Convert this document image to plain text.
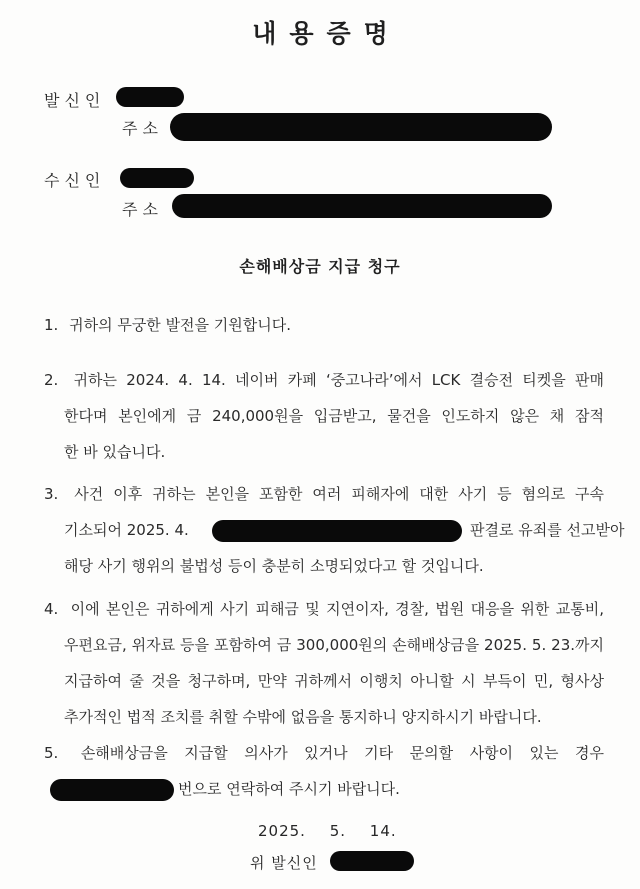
내용증명
발신인
주소
수신인
주소
손해배상금 지급 청구
1. 귀하의 무궁한 발전을 기원합니다.
2. 귀하는 2024. 4. 14. 네이버 카페 ‘중고나라’에서 LCK 결승전 티켓을 판매
한다며 본인에게 금 240,000원을 입금받고, 물건을 인도하지 않은 채 잠적
한 바 있습니다.
3. 사건 이후 귀하는 본인을 포함한 여러 피해자에 대한 사기 등 혐의로 구속
기소되어 2025. 4.	판결로 유죄를 선고받아
해당 사기 행위의 불법성 등이 충분히 소명되었다고 할 것입니다.
4. 이에 본인은 귀하에게 사기 피해금 및 지연이자, 경찰, 법원 대응을 위한 교통비,
우편요금, 위자료 등을 포함하여 금 300,000원의 손해배상금을 2025. 5. 23.까지
지급하여 줄 것을 청구하며, 만약 귀하께서 이행치 아니할 시 부득이 민, 형사상
추가적인 법적 조치를 취할 수밖에 없음을 통지하니 양지하시기 바랍니다.
5. 손해배상금을 지급할 의사가 있거나 기타 문의할 사항이 있는 경우
번으로 연락하여 주시기 바랍니다.
2025. 5. 14.
위 발신인
